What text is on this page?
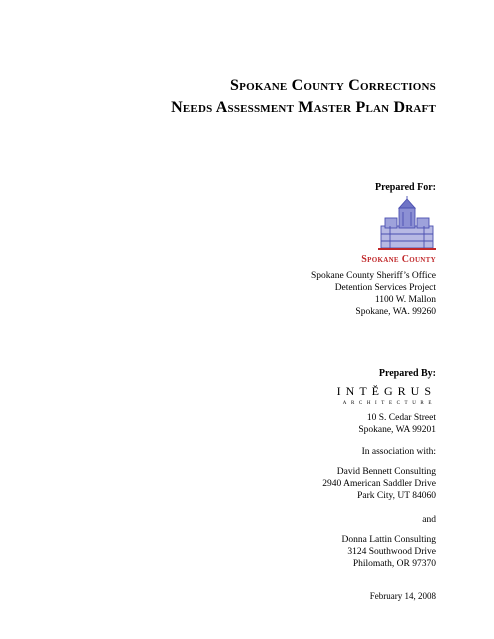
Spokane County Corrections
Needs Assessment Master Plan Draft
Prepared For:
Spokane County
Spokane County Sheriff’s Office
Detention Services Project
1100 W. Mallon
Spokane, WA. 99260
Prepared By:
INTĔGRUS
ARCHITECTURE
10 S. Cedar Street
Spokane, WA 99201
In association with:
David Bennett Consulting
2940 American Saddler Drive
Park City, UT 84060
and
Donna Lattin Consulting
3124 Southwood Drive
Philomath, OR 97370
February 14, 2008
